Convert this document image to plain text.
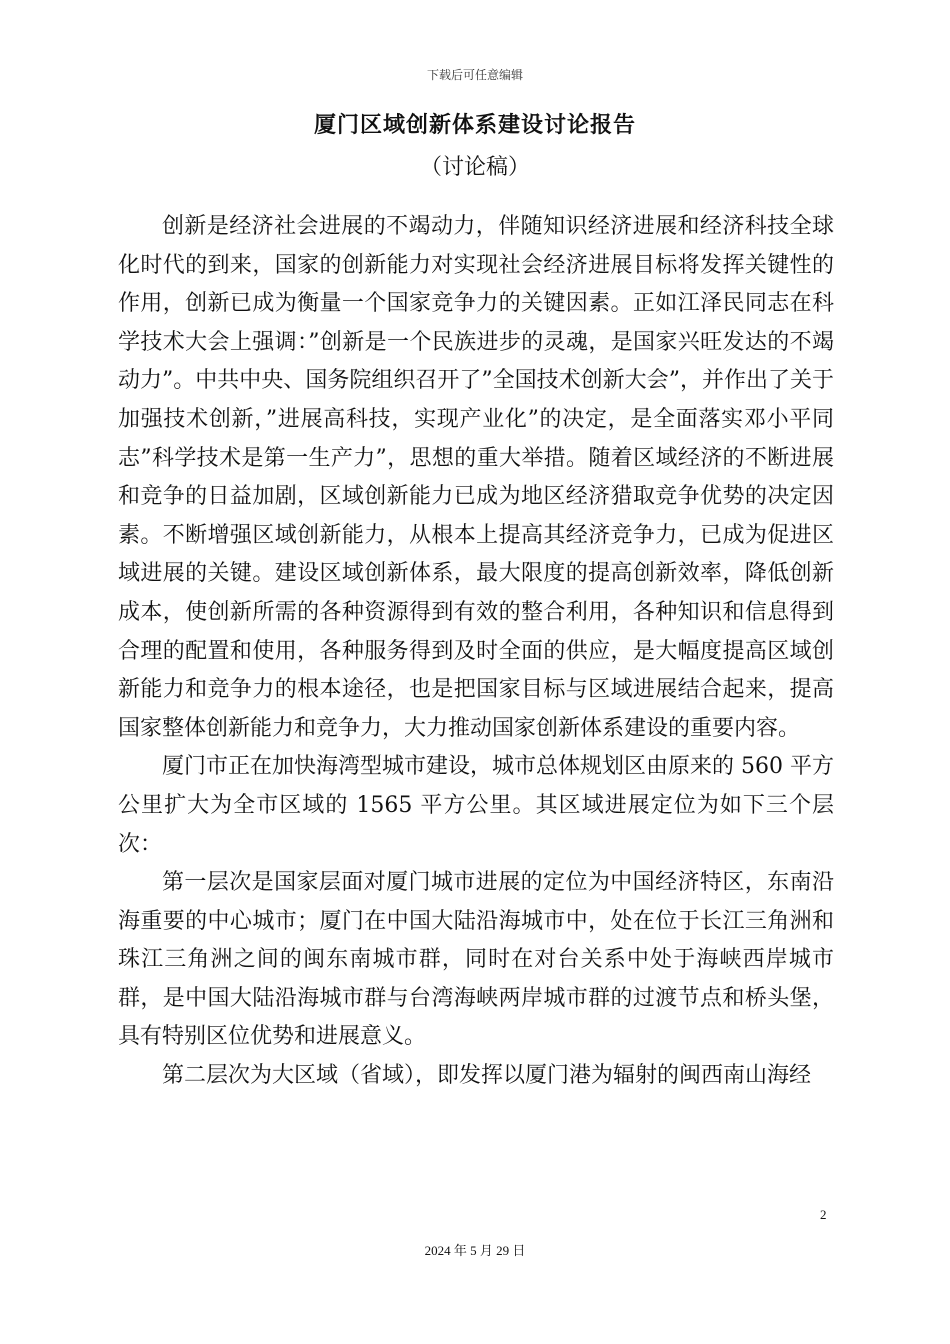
下载后可任意编辑
厦门区域创新体系建设讨论报告
（讨论稿）

创新是经济社会进展的不竭动力，伴随知识经济进展和经济科技全球化时代的到来，国家的创新能力对实现社会经济进展目标将发挥关键性的作用，创新已成为衡量一个国家竞争力的关键因素。正如江泽民同志在科学技术大会上强调：”创新是一个民族进步的灵魂，是国家兴旺发达的不竭动力”。中共中央、国务院组织召开了”全国技术创新大会”，并作出了关于加强技术创新，”进展高科技，实现产业化”的决定，是全面落实邓小平同志”科学技术是第一生产力”，思想的重大举措。随着区域经济的不断进展和竞争的日益加剧，区域创新能力已成为地区经济猎取竞争优势的决定因素。不断增强区域创新能力，从根本上提高其经济竞争力，已成为促进区域进展的关键。建设区域创新体系，最大限度的提高创新效率，降低创新成本，使创新所需的各种资源得到有效的整合利用，各种知识和信息得到合理的配置和使用，各种服务得到及时全面的供应，是大幅度提高区域创新能力和竞争力的根本途径，也是把国家目标与区域进展结合起来，提高国家整体创新能力和竞争力，大力推动国家创新体系建设的重要内容。

厦门市正在加快海湾型城市建设，城市总体规划区由原来的 560 平方公里扩大为全市区域的 1565 平方公里。其区域进展定位为如下三个层次：

第一层次是国家层面对厦门城市进展的定位为中国经济特区，东南沿海重要的中心城市；厦门在中国大陆沿海城市中，处在位于长江三角洲和珠江三角洲之间的闽东南城市群，同时在对台关系中处于海峡西岸城市群，是中国大陆沿海城市群与台湾海峡两岸城市群的过渡节点和桥头堡，具有特别区位优势和进展意义。

第二层次为大区域（省域），即发挥以厦门港为辐射的闽西南山海经

2
2024 年 5 月 29 日
